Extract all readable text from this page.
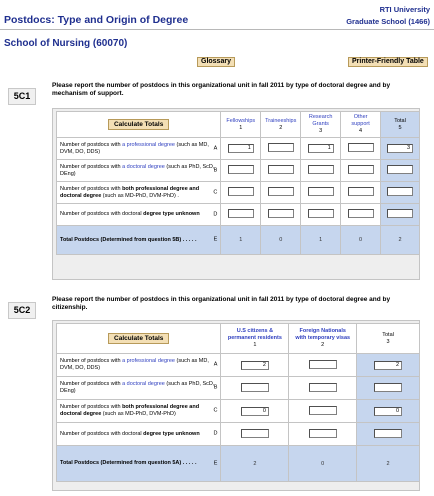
Postdocs: Type and Origin of Degree
RTI University
Graduate School (1466)
School of Nursing (60070)
Glossary	Printer-Friendly Table
5C1
Please report the number of postdocs in this organizational unit in fall 2011 by type of doctoral degree and by
mechanism of support.
Calculate Totals	Fellowships
1	Traineeships
2	Research
Grants
3	Other
support
4	Total
5

Number of postdocs with a professional degree (such as MD, DVM, DO, DDS)
A	1		1		3
Number of postdocs with a doctoral degree (such as PhD, ScD, DEng)
B					

Number of postdocs with both professional degree and doctoral degree (such as MD-PhD, DVM-PhD) .
C					

Number of postdocs with doctoral degree type unknown D					

Total Postdocs (Determined from question 5B) . . . . . E	1	0	1	0	2
5C2
Please report the number of postdocs in this organizational unit in fall 2011 by type of doctoral degree and by
citizenship.
Calculate Totals	U.S citizens &
permanent residents
1	Foreign Nationals
with temporary visas
2	Total
3

Number of postdocs with a professional degree (such as MD, DVM, DO, DDS)
A	2		2
Number of postdocs with a doctoral degree (such as PhD, ScD, DEng)
B			

Number of postdocs with both professional degree and doctoral degree (such as MD-PhD, DVM-PhD)
C	0		0
Number of postdocs with doctoral degree type unknown D			

Total Postdocs (Determined from question 5A) . . . . . E	2	0	2
